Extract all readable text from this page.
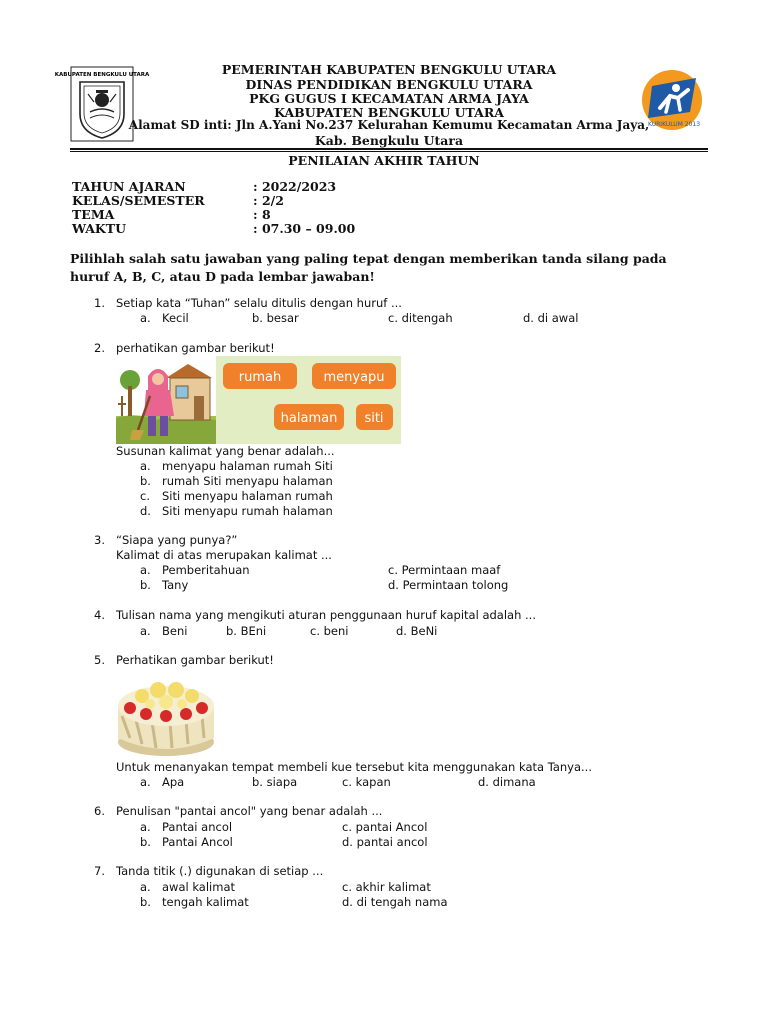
KABUPATEN BENGKULU UTARA	PEMERINTAH KABUPATEN BENGKULU UTARA
DINAS PENDIDIKAN BENGKULU UTARA
PKG GUGUS I KECAMATAN ARMA JAYA
KABUPATEN BENGKULU UTARA
Alamat SD inti: Jln A.Yani No.237 Kelurahan Kemumu Kecamatan Arma Jaya,
Kab. Bengkulu Utara
KURIKULUM 2013
PENILAIAN AKHIR TAHUN
TAHUN AJARAN	: 2022/2023
KELAS/SEMESTER	: 2/2
TEMA	: 8
WAKTU	: 07.30 – 09.00
Pilihlah salah satu jawaban yang paling tepat dengan memberikan tanda silang pada huruf A, B, C, atau D pada lembar jawaban!
1. Setiap kata “Tuhan” selalu ditulis dengan huruf ...
a. Kecil	b. besar	c. ditengah	d. di awal
2. perhatikan gambar berikut!
rumah	menyapu
halaman siti
Susunan kalimat yang benar adalah...
a. menyapu halaman rumah Siti
b. rumah Siti menyapu halaman
c. Siti menyapu halaman rumah
d. Siti menyapu rumah halaman
3. “Siapa yang punya?”
Kalimat di atas merupakan kalimat ...
a. Pemberitahuan	c. Permintaan maaf
b. Tany	d. Permintaan tolong
4. Tulisan nama yang mengikuti aturan penggunaan huruf kapital adalah ...
a. Beni	b. BEni	c. beni	d. BeNi
5. Perhatikan gambar berikut!
Untuk menanyakan tempat membeli kue tersebut kita menggunakan kata Tanya...
a. Apa	b. siapa	c. kapan	d. dimana
6. Penulisan "pantai ancol" yang benar adalah ...
a. Pantai ancol	c. pantai Ancol
b. Pantai Ancol	d. pantai ancol
7. Tanda titik (.) digunakan di setiap ...
a. awal kalimat	c. akhir kalimat
b. tengah kalimat	d. di tengah nama
